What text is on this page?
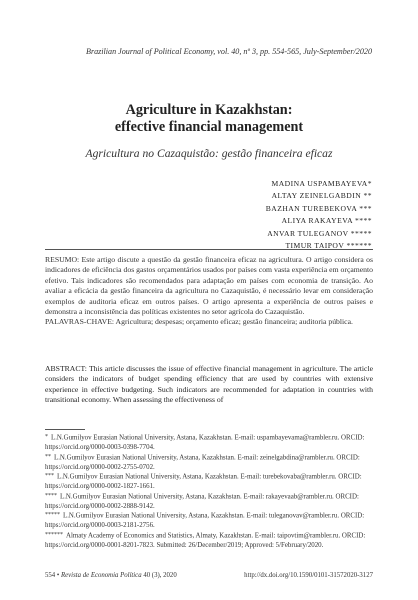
Brazilian Journal of Political Economy, vol. 40, nº 3, pp. 554-565, July-September/2020
Agriculture in Kazakhstan:
effective financial management
Agricultura no Cazaquistão: gestão financeira eficaz
MADINA USPAMBAYEVA*
ALTAY ZEINELGABDIN **
BAZHAN TUREBEKOVA ***
ALIYA RAKAYEVA ****
ANVAR TULEGANOV *****
TIMUR TAIPOV ******

RESUMO: Este artigo discute a questão da gestão financeira eficaz na agricultura. O artigo considera os indicadores de eficiência dos gastos orçamentários usados por países com vasta experiência em orçamento efetivo. Tais indicadores são recomendados para adaptação em países com economia de transição. Ao avaliar a eficácia da gestão financeira da agricultura no Cazaquistão, é necessário levar em consideração exemplos de auditoria eficaz em outros países. O artigo apresenta a experiência de outros países e demonstra a inconsistência das políticas existentes no setor agrícola do Cazaquistão.

PALAVRAS-CHAVE: Agricultura; despesas; orçamento eficaz; gestão financeira; auditoria pública.

ABSTRACT: This article discusses the issue of effective financial management in agriculture. The article considers the indicators of budget spending efficiency that are used by countries with extensive experience in effective budgeting. Such indicators are recommended for adaptation in countries with transitional economy. When assessing the effectiveness of

* L.N.Gumilyov Eurasian National University, Astana, Kazakhstan. E-mail: uspambayevama@rambler.ru. ORCID: https://orcid.org/0000-0003-0398-7704.

** L.N.Gumilyov Eurasian National University, Astana, Kazakhstan. E-mail: zeinelgabdina@rambler.ru. ORCID: https://orcid.org/0000-0002-2755-0702.

*** L.N.Gumilyov Eurasian National University, Astana, Kazakhstan. E-mail: turebekovaba@rambler.ru. ORCID: https://orcid.org/0000-0002-1827-1661.

**** L.N.Gumilyov Eurasian National University, Astana, Kazakhstan. E-mail: rakayevaab@rambler.ru. ORCID: https://orcid.org/0000-0002-2888-9142.

***** L.N.Gumilyov Eurasian National University, Astana, Kazakhstan. E-mail: tuleganovav@rambler.ru. ORCID: https://orcid.org/0000-0003-2181-2756.

****** Almaty Academy of Economics and Statistics, Almaty, Kazakhstan. E-mail: taipovtim@rambler.ru. ORCID: https://orcid.org/0000-0001-8201-7823. Submitted: 26/December/2019; Approved: 5/February/2020.

554 • Revista de Economia Política 40 (3), 2020	http://dx.doi.org/10.1590/0101-31572020-3127
